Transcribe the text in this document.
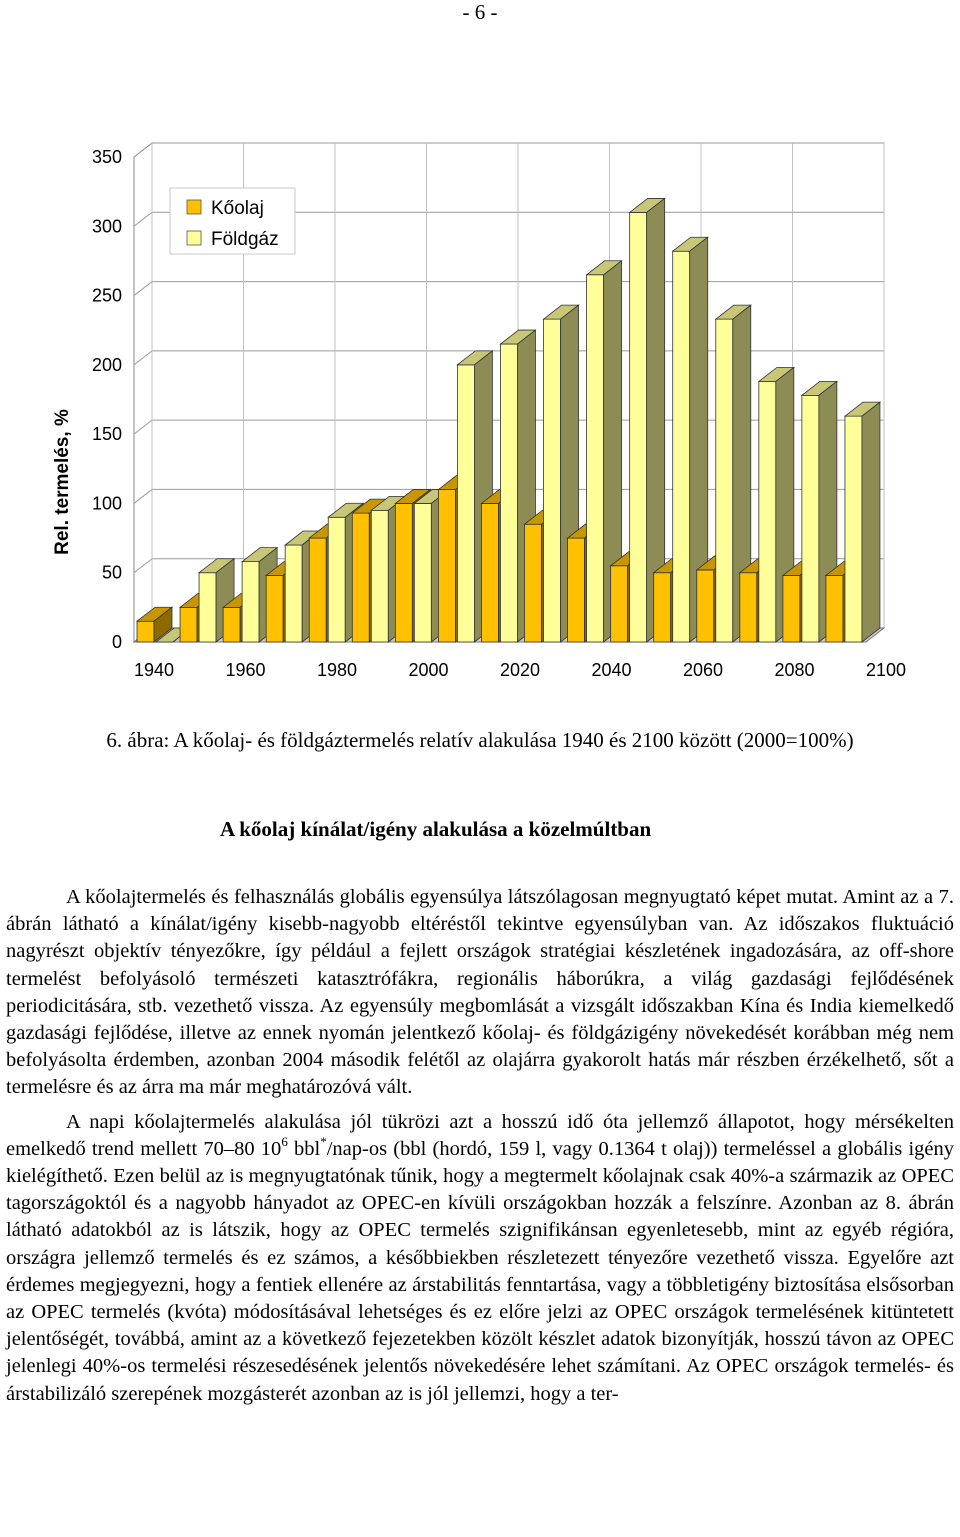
- 6 -
0
50
100
150
200
250
300
350
1940	1960	1980	2000	2020	2040	2060	2080	2100
Rel. termelés, %
Kőolaj
Földgáz
6. ábra: A kőolaj- és földgáztermelés relatív alakulása 1940 és 2100 között (2000=100%)
A kőolaj kínálat/igény alakulása a közelmúltban

A kőolajtermelés és felhasználás globális egyensúlya látszólagosan megnyugtató képet mutat. Amint az a 7. ábrán látható a kínálat/igény kisebb-nagyobb eltéréstől tekintve egyensúlyban van. Az időszakos fluktuáció nagyrészt objektív tényezőkre, így például a fejlett országok stratégiai készletének ingadozására, az off-shore termelést befolyásoló természeti katasztrófákra, regionális háborúkra, a világ gazdasági fejlődésének periodicitására, stb. vezethető vissza. Az egyensúly megbomlását a vizsgált időszakban Kína és India kiemelkedő gazdasági fejlődése, illetve az ennek nyomán jelentkező kőolaj- és földgázigény növekedését korábban még nem befolyásolta érdemben, azonban 2004 második felétől az olajárra gyakorolt hatás már részben érzékelhető, sőt a termelésre és az árra ma már meghatározóvá vált.

A napi kőolajtermelés alakulása jól tükrözi azt a hosszú idő óta jellemző állapotot, hogy mérsékelten emelkedő trend mellett 70–80 $10^6$ bbl*/nap-os (bbl (hordó, 159 l, vagy 0.1364 t olaj)) termeléssel a globális igény kielégíthető. Ezen belül az is megnyugtatónak tűnik, hogy a megtermelt kőolajnak csak 40%-a származik az OPEC tagországoktól és a nagyobb hányadot az OPEC-en kívüli országokban hozzák a felszínre. Azonban az 8. ábrán látható adatokból az is látszik, hogy az OPEC termelés szignifikánsan egyenletesebb, mint az egyéb régióra, országra jellemző termelés és ez számos, a későbbiekben részletezett tényezőre vezethető vissza. Egyelőre azt érdemes megjegyezni, hogy a fentiek ellenére az árstabilitás fenntartása, vagy a többletigény biztosítása elsősorban az OPEC termelés (kvóta) módosításával lehetséges és ez előre jelzi az OPEC országok termelésének kitüntetett jelentőségét, továbbá, amint az a következő fejezetekben közölt készlet adatok bizonyítják, hosszú távon az OPEC jelenlegi 40%-os termelési részesedésének jelentős növekedésére lehet számítani. Az OPEC országok termelés- és árstabilizáló szerepének mozgásterét azonban az is jól jellemzi, hogy a ter-
